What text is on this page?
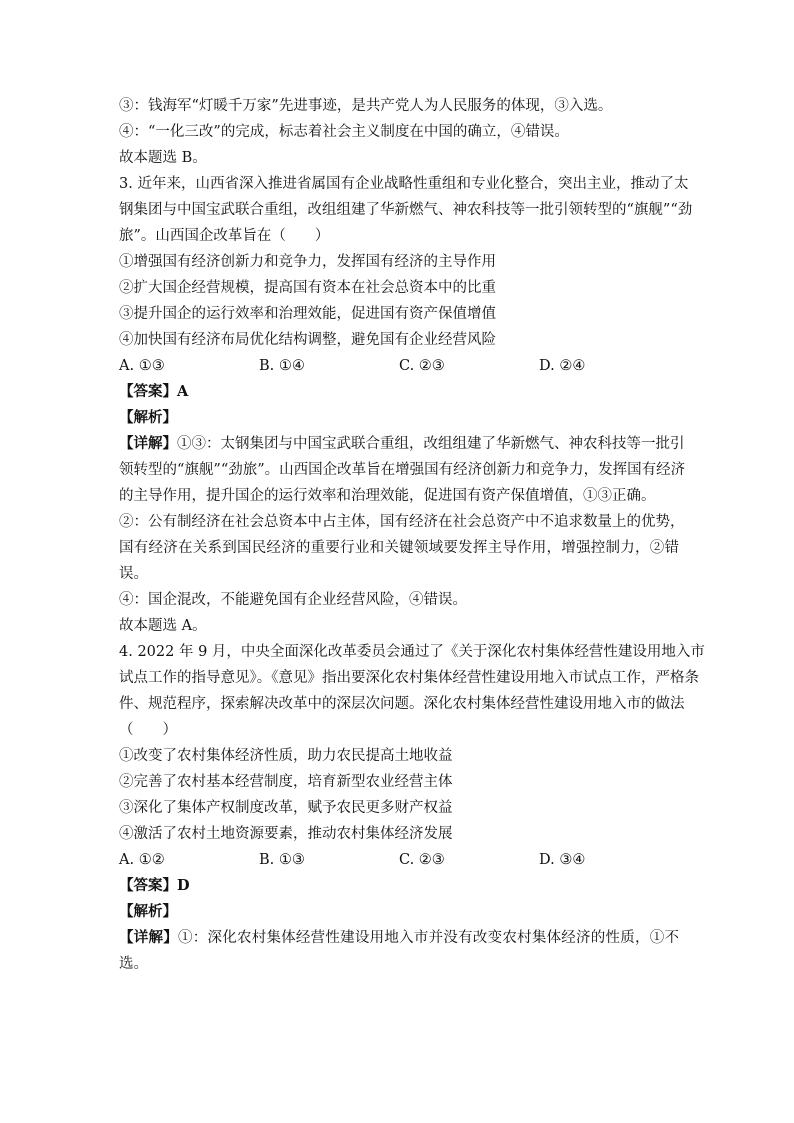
③：钱海军“灯暖千万家”先进事迹，是共产党人为人民服务的体现，③入选。
④：“一化三改”的完成，标志着社会主义制度在中国的确立，④错误。
故本题选 B。
3. 近年来，山西省深入推进省属国有企业战略性重组和专业化整合，突出主业，推动了太
钢集团与中国宝武联合重组，改组组建了华新燃气、神农科技等一批引领转型的“旗舰”“劲
旅”。山西国企改革旨在（　　）
①增强国有经济创新力和竞争力，发挥国有经济的主导作用
②扩大国企经营规模，提高国有资本在社会总资本中的比重
③提升国企的运行效率和治理效能，促进国有资产保值增值
④加快国有经济布局优化结构调整，避免国有企业经营风险
A. ①③	B. ①④	C. ②③	D. ②④
【答案】A
【解析】
【详解】①③：太钢集团与中国宝武联合重组，改组组建了华新燃气、神农科技等一批引
领转型的“旗舰”“劲旅”。山西国企改革旨在增强国有经济创新力和竞争力，发挥国有经济
的主导作用，提升国企的运行效率和治理效能，促进国有资产保值增值，①③正确。
②：公有制经济在社会总资本中占主体，国有经济在社会总资产中不追求数量上的优势，
国有经济在关系到国民经济的重要行业和关键领域要发挥主导作用，增强控制力，②错
误。
④：国企混改，不能避免国有企业经营风险，④错误。
故本题选 A。
4. 2022 年 9 月，中央全面深化改革委员会通过了《关于深化农村集体经营性建设用地入市
试点工作的指导意见》。《意见》指出要深化农村集体经营性建设用地入市试点工作，严格条
件、规范程序，探索解决改革中的深层次问题。深化农村集体经营性建设用地入市的做法
（　　）
①改变了农村集体经济性质，助力农民提高土地收益
②完善了农村基本经营制度，培育新型农业经营主体
③深化了集体产权制度改革，赋予农民更多财产权益
④激活了农村土地资源要素，推动农村集体经济发展
A. ①②	B. ①③	C. ②③	D. ③④
【答案】D
【解析】
【详解】①：深化农村集体经营性建设用地入市并没有改变农村集体经济的性质，①不
选。
